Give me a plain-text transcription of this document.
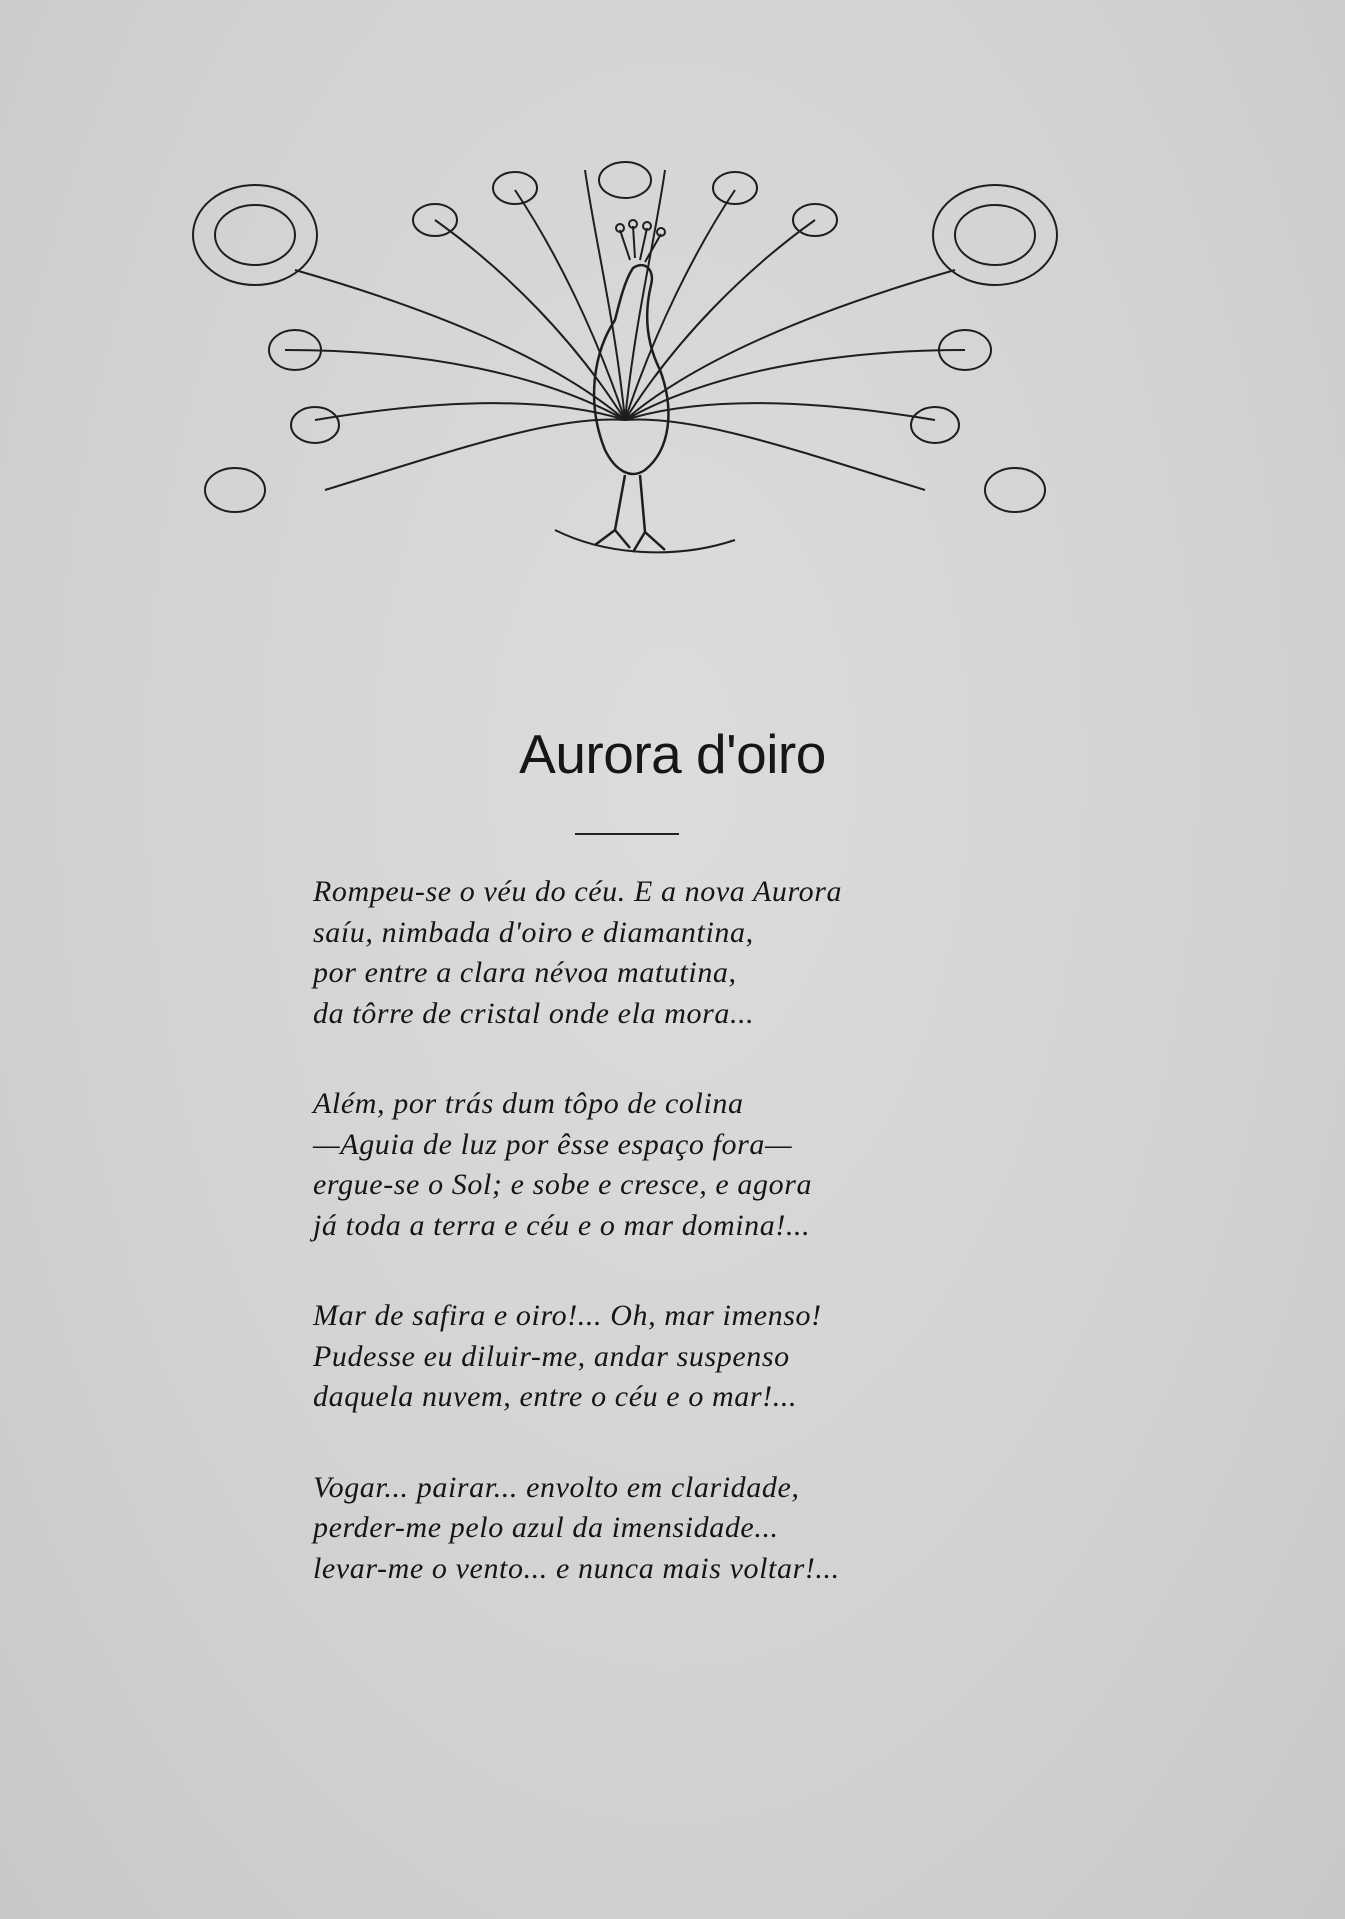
Aurora d'oiro
Rompeu-se o véu do céu. E a nova Aurora
saíu, nimbada d'oiro e diamantina,
por entre a clara névoa matutina,
da tôrre de cristal onde ela mora...
Além, por trás dum tôpo de colina
—Aguia de luz por êsse espaço fora—
ergue-se o Sol; e sobe e cresce, e agora
já toda a terra e céu e o mar domina!...
Mar de safira e oiro!... Oh, mar imenso!
Pudesse eu diluir-me, andar suspenso
daquela nuvem, entre o céu e o mar!...
Vogar... pairar... envolto em claridade,
perder-me pelo azul da imensidade...
levar-me o vento... e nunca mais voltar!...
